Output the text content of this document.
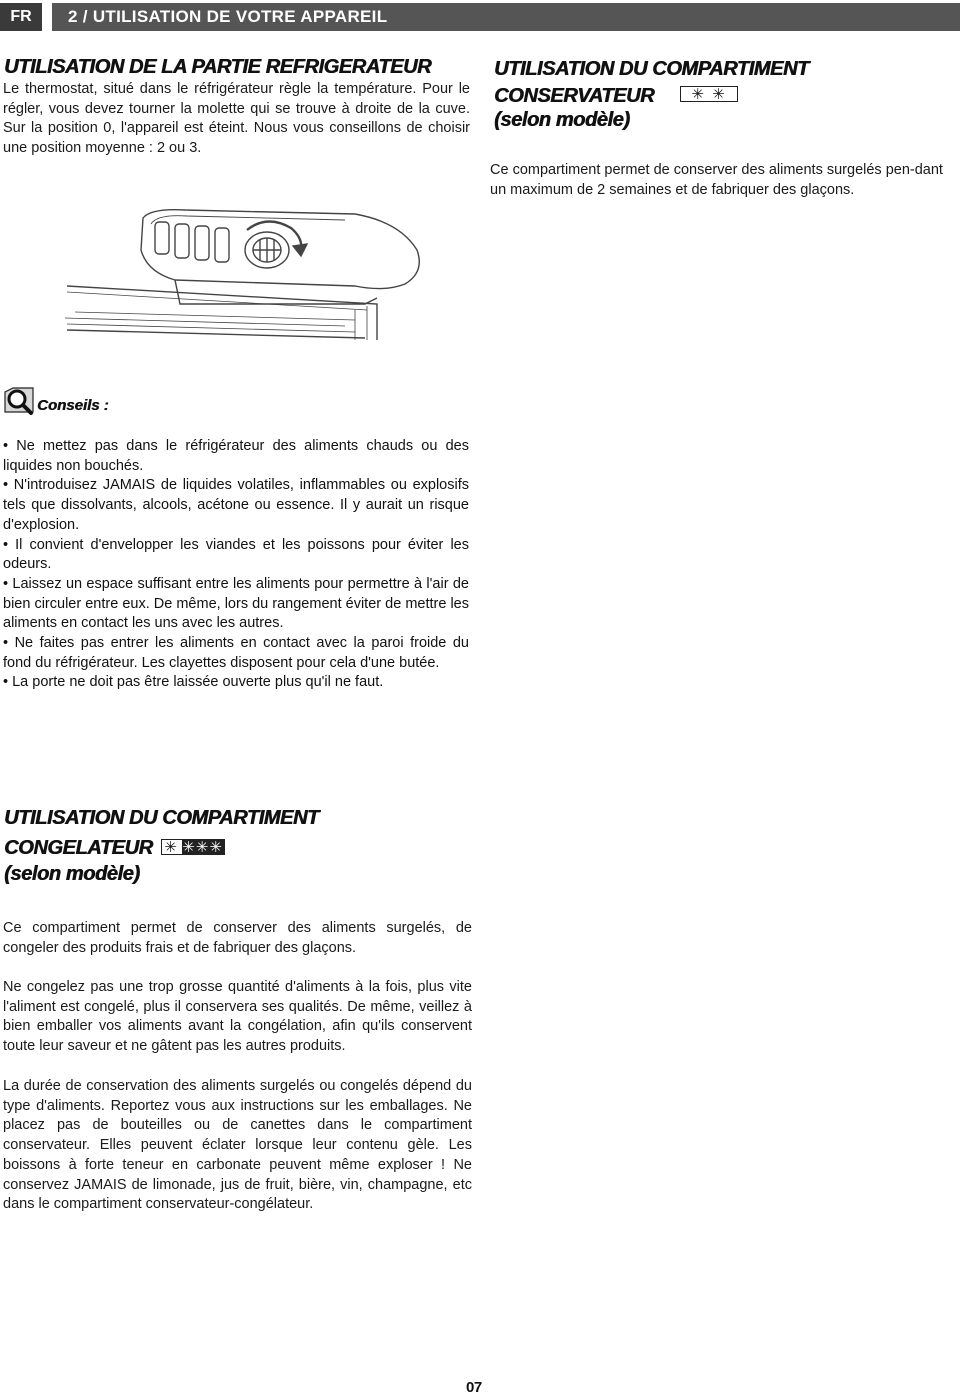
FR	2 / UTILISATION DE VOTRE APPAREIL
UTILISATION DE LA PARTIE REFRIGERATEUR
Le thermostat, situé dans le réfrigérateur règle la température. Pour le régler, vous devez tourner la molette qui se trouve à droite de la cuve. Sur la position 0, l'appareil est éteint. Nous vous conseillons de choisir une position moyenne : 2 ou 3.
UTILISATION DU COMPARTIMENT
CONSERVATEUR ✳ ✳
(selon modèle)
Ce compartiment permet de conserver des aliments surgelés pen-dant un maximum de 2 semaines et de fabriquer des glaçons.
Conseils :

• Ne mettez pas dans le réfrigérateur des aliments chauds ou des liquides non bouchés.

• N'introduisez JAMAIS de liquides volatiles, inflammables ou explosifs tels que dissolvants, alcools, acétone ou essence. Il y aurait un risque d'explosion.

• Il convient d'envelopper les viandes et les poissons pour éviter les odeurs.

• Laissez un espace suffisant entre les aliments pour permettre à l'air de bien circuler entre eux. De même, lors du rangement éviter de mettre les aliments en contact les uns avec les autres.

• Ne faites pas entrer les aliments en contact avec la paroi froide du fond du réfrigérateur. Les clayettes disposent pour cela d'une butée.

• La porte ne doit pas être laissée ouverte plus qu'il ne faut.

UTILISATION DU COMPARTIMENT
CONGELATEUR ✳ ✳✳✳
(selon modèle)
Ce compartiment permet de conserver des aliments surgelés, de congeler des produits frais et de fabriquer des glaçons.
Ne congelez pas une trop grosse quantité d'aliments à la fois, plus vite l'aliment est congelé, plus il conservera ses qualités. De même, veillez à bien emballer vos aliments avant la congélation, afin qu'ils conservent toute leur saveur et ne gâtent pas les autres produits.
La durée de conservation des aliments surgelés ou congelés dépend du type d'aliments. Reportez vous aux instructions sur les emballages. Ne placez pas de bouteilles ou de canettes dans le compartiment conservateur. Elles peuvent éclater lorsque leur contenu gèle. Les boissons à forte teneur en carbonate peuvent même exploser ! Ne conservez JAMAIS de limonade, jus de fruit, bière, vin, champagne, etc dans le compartiment conservateur-congélateur.
07
